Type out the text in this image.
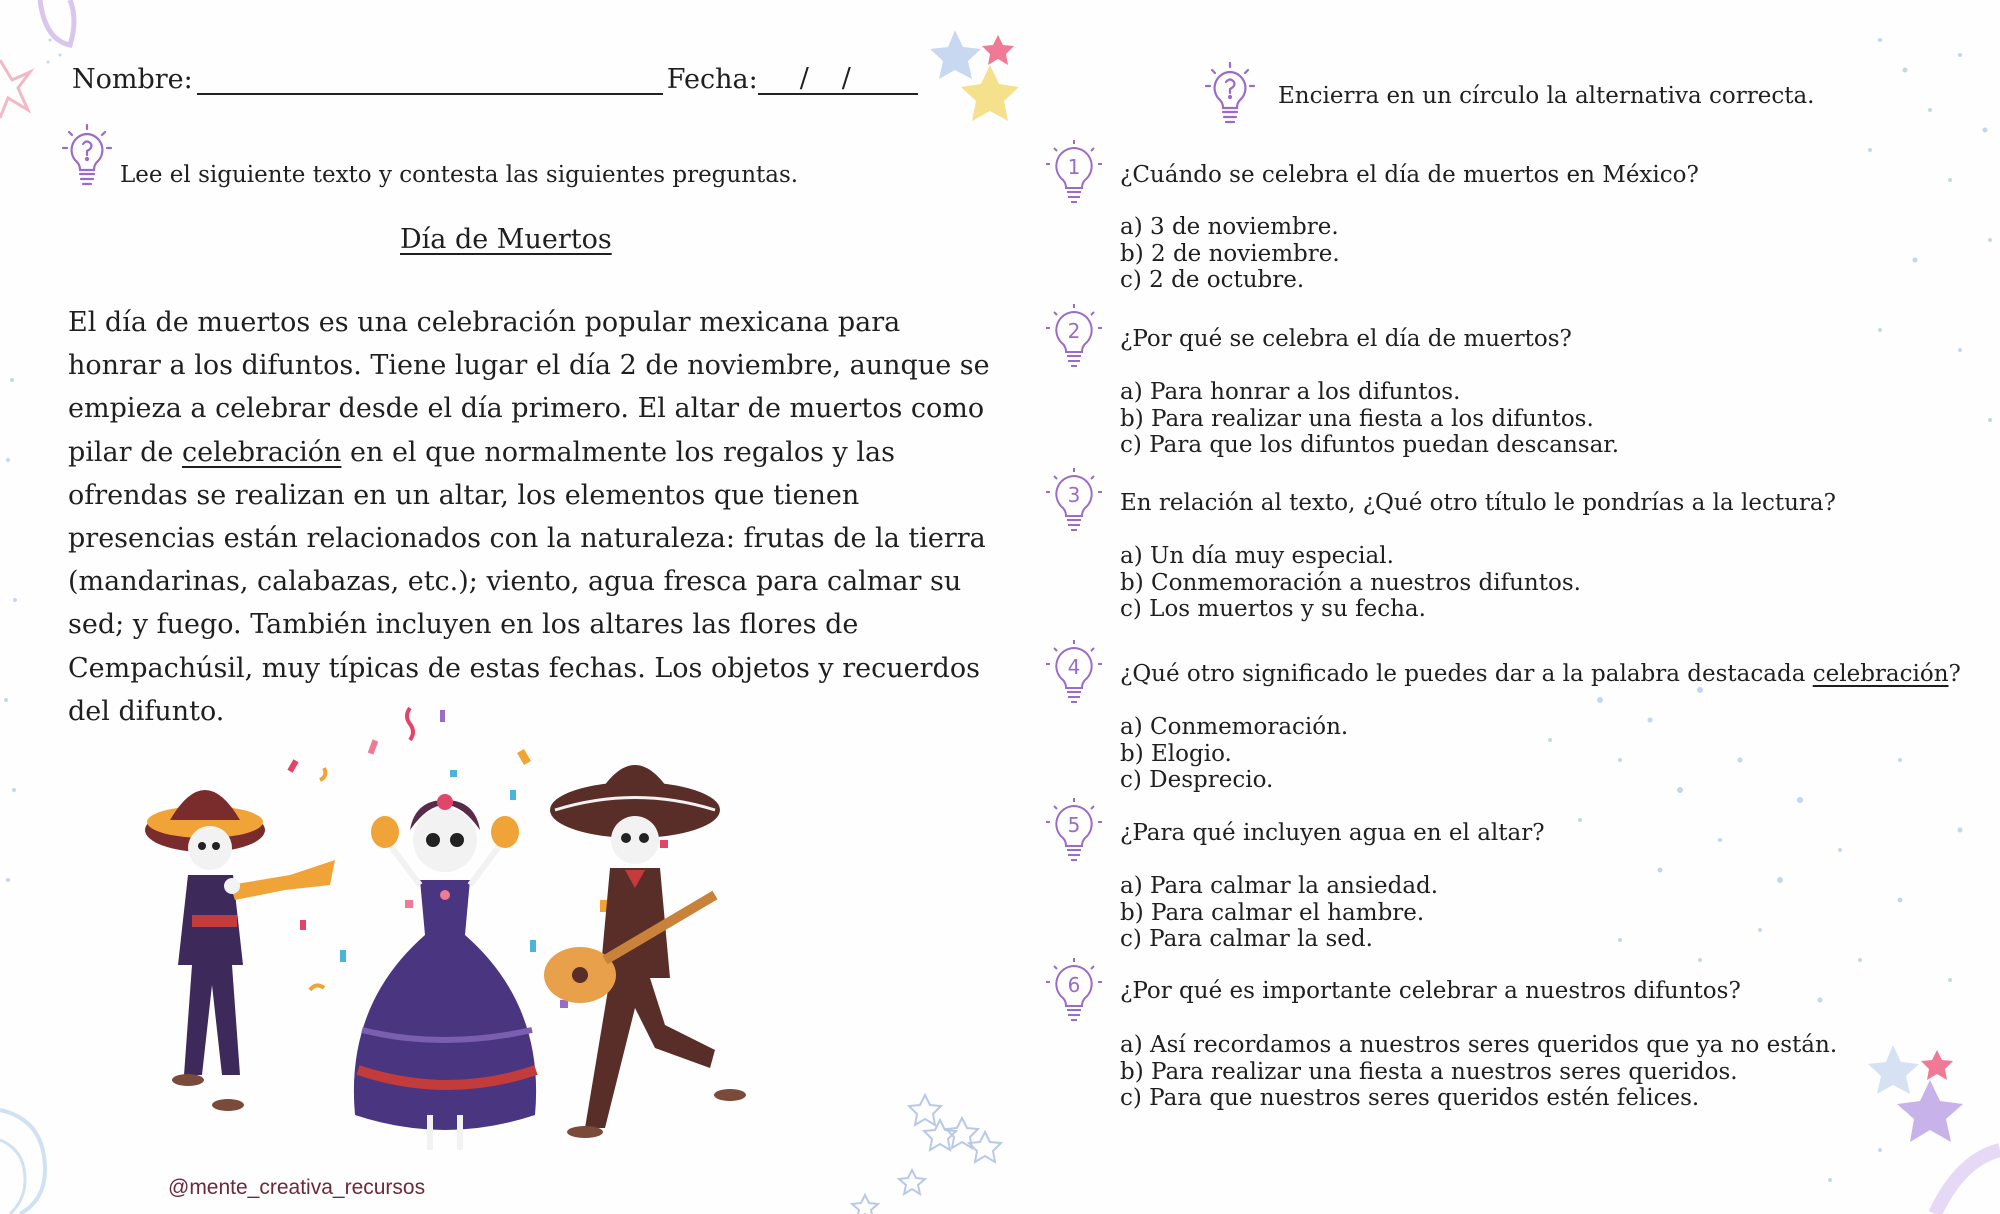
Nombre:	Fecha: / /
Lee el siguiente texto y contesta las siguientes preguntas.
Día de Muertos
El día de muertos es una celebración popular mexicana para
honrar a los difuntos. Tiene lugar el día 2 de noviembre, aunque se
empieza a celebrar desde el día primero. El altar de muertos como
pilar de celebración en el que normalmente los regalos y las
ofrendas se realizan en un altar, los elementos que tienen
presencias están relacionados con la naturaleza: frutas de la tierra
(mandarinas, calabazas, etc.); viento, agua fresca para calmar su
sed; y fuego. También incluyen en los altares las flores de
Cempachúsil, muy típicas de estas fechas. Los objetos y recuerdos
del difunto.
@mente_creativa_recursos
Encierra en un círculo la alternativa correcta.
1 ¿Cuándo se celebra el día de muertos en México?
a) 3 de noviembre.
b) 2 de noviembre.
c) 2 de octubre.
2 ¿Por qué se celebra el día de muertos?
a) Para honrar a los difuntos.
b) Para realizar una fiesta a los difuntos.
c) Para que los difuntos puedan descansar.
3 En relación al texto, ¿Qué otro título le pondrías a la lectura?
a) Un día muy especial.
b) Conmemoración a nuestros difuntos.
c) Los muertos y su fecha.
4 ¿Qué otro significado le puedes dar a la palabra destacada celebración?
a) Conmemoración.
b) Elogio.
c) Desprecio.
5 ¿Para qué incluyen agua en el altar?
a) Para calmar la ansiedad.
b) Para calmar el hambre.
c) Para calmar la sed.
6 ¿Por qué es importante celebrar a nuestros difuntos?
a) Así recordamos a nuestros seres queridos que ya no están.
b) Para realizar una fiesta a nuestros seres queridos.
c) Para que nuestros seres queridos estén felices.
